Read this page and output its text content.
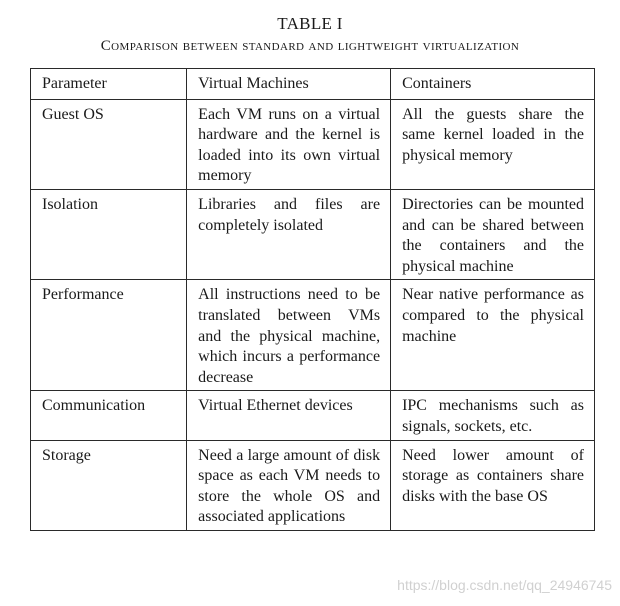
TABLE I
Comparison between standard and lightweight virtualization
Parameter	Virtual Machines	Containers
Guest OS	Each VM runs on a virtual hardware and the kernel is loaded into its own virtual memory	All the guests share the same kernel loaded in the physical memory
Isolation	Libraries and files are completely isolated	Directories can be mounted and can be shared between the containers and the physical machine
Performance	All instructions need to be translated between VMs and the physical machine, which incurs a performance decrease	Near native performance as compared to the physical machine
Communication	Virtual Ethernet devices	IPC mechanisms such as signals, sockets, etc.
Storage	Need a large amount of disk space as each VM needs to store the whole OS and associated applications	Need lower amount of storage as containers share disks with the base OS
https://blog.csdn.net/qq_24946745
